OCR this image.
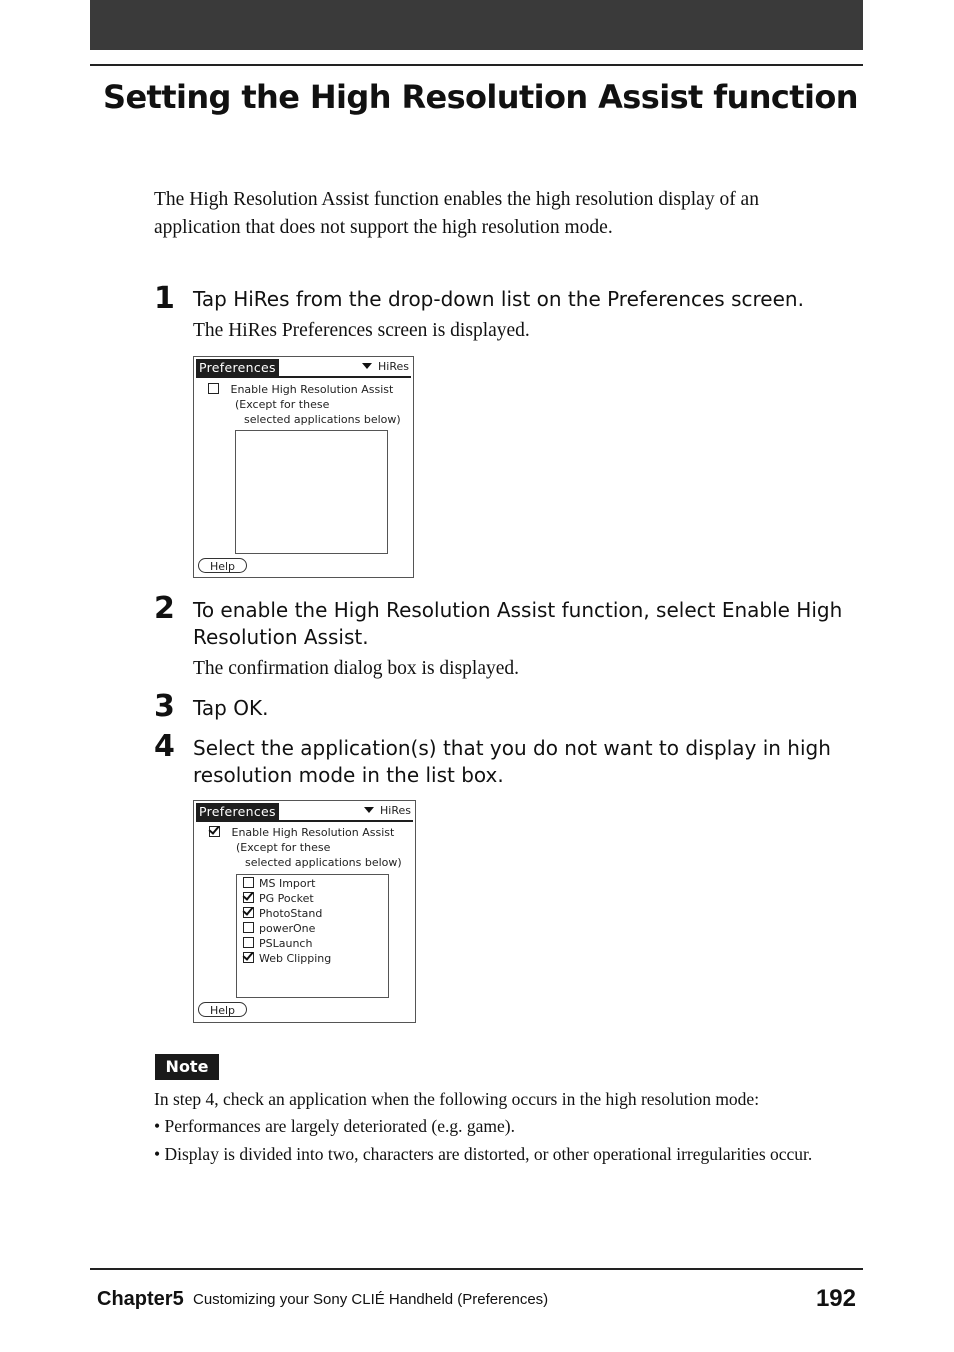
Setting the High Resolution Assist function

The High Resolution Assist function enables the high resolution display of an application that does not support the high resolution mode.

1 Tap HiRes from the drop-down list on the Preferences screen.

The HiRes Preferences screen is displayed.

Preferences	HiRes
Enable High Resolution Assist
(Except for these
selected applications below)
Help
2 To enable the High Resolution Assist function, select Enable High Resolution Assist.

The confirmation dialog box is displayed.

3 Tap OK.

4 Select the application(s) that you do not want to display in high resolution mode in the list box.

Preferences	HiRes
Enable High Resolution Assist
(Except for these
selected applications below)
MS Import
PG Pocket
PhotoStand
powerOne
PSLaunch
Web Clipping
Help
Note

In step 4, check an application when the following occurs in the high resolution mode:

• Performances are largely deteriorated (e.g. game).
• Display is divided into two, characters are distorted, or other operational irregularities occur.
Chapter5 Customizing your Sony CLIÉ Handheld (Preferences)	192
